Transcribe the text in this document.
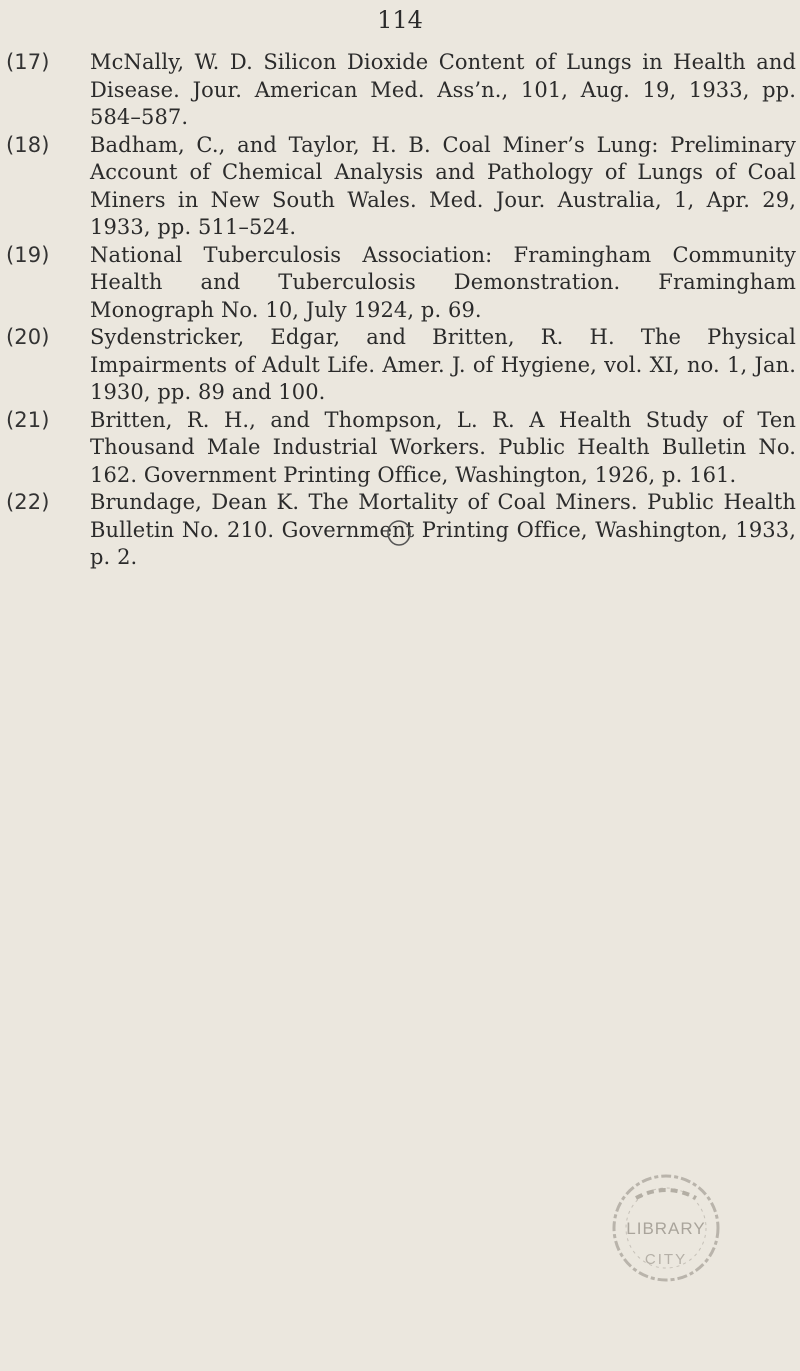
114
(17)	McNally, W. D. Silicon Dioxide Content of Lungs in Health and Disease. Jour. American Med. Ass’n., 101, Aug. 19, 1933, pp. 584–587.
(18)	Badham, C., and Taylor, H. B. Coal Miner’s Lung: Preliminary Account of Chemical Analysis and Pathology of Lungs of Coal Miners in New South Wales. Med. Jour. Australia, 1, Apr. 29, 1933, pp. 511–524.
(19)	National Tuberculosis Association: Framingham Community Health and Tuberculosis Demonstration. Framingham Monograph No. 10, July 1924, p. 69.
(20)	Sydenstricker, Edgar, and Britten, R. H. The Physical Impairments of Adult Life. Amer. J. of Hygiene, vol. XI, no. 1, Jan. 1930, pp. 89 and 100.
(21)	Britten, R. H., and Thompson, L. R. A Health Study of Ten Thousand Male Industrial Workers. Public Health Bulletin No. 162. Government Printing Office, Washington, 1926, p. 161.
(22)	Brundage, Dean K. The Mortality of Coal Miners. Public Health Bulletin No. 210. Government Printing Office, Washington, 1933, p. 2.
LIBRARY
CITY
